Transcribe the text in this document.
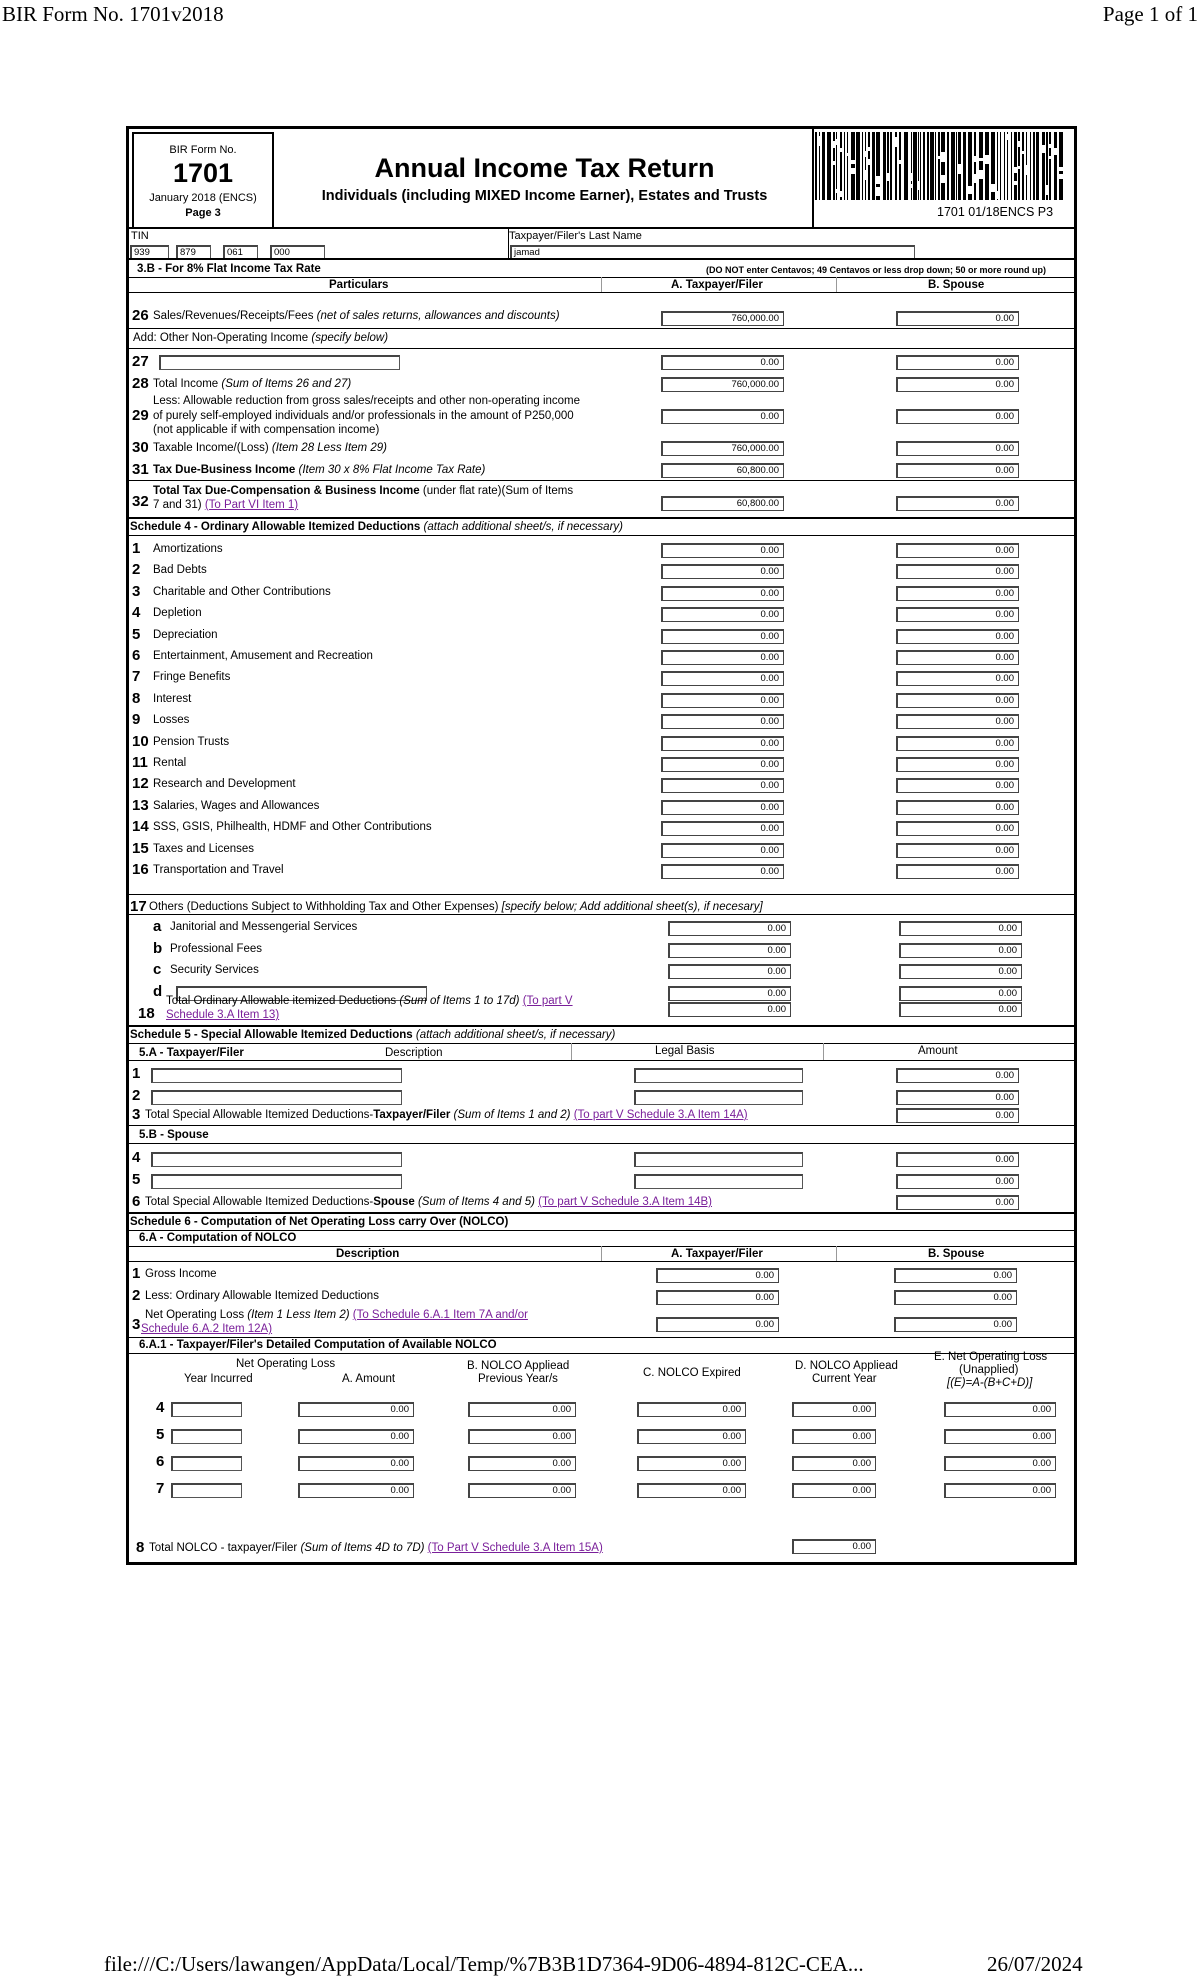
BIR Form No. 1701v2018	Page 1 of 1
file:///C:/Users/lawangen/AppData/Local/Temp/%7B3B1D7364-9D06-4894-812C-CEA...	26/07/2024
BIR Form No.
1701
January 2018 (ENCS)
Page 3
Annual Income Tax Return
Individuals (including MIXED Income Earner), Estates and Trusts
1701 01/18ENCS P3
TIN	Taxpayer/Filer's Last Name
939	879	061	000	jamad
3.B - For 8% Flat Income Tax Rate	(DO NOT enter Centavos; 49 Centavos or less drop down; 50 or more round up)
Particulars	A. Taxpayer/Filer	B. Spouse
26 Sales/Revenues/Receipts/Fees (net of sales returns, allowances and discounts)	760,000.00	0.00
Add: Other Non-Operating Income (specify below)
27	0.00	0.00
28 Total Income (Sum of Items 26 and 27)	760,000.00	0.00
Less: Allowable reduction from gross sales/receipts and other non-operating income
29 of purely self-employed individuals and/or professionals in the amount of P250,000
(not applicable if with compensation income)
0.00	0.00
30 Taxable Income/(Loss) (Item 28 Less Item 29)	760,000.00	0.00
31 Tax Due-Business Income (Item 30 x 8% Flat Income Tax Rate)	60,800.00	0.00
Total Tax Due-Compensation & Business Income (under flat rate)(Sum of Items
32 7 and 31) (To Part VI Item 1)	60,800.00	0.00
Schedule 4 - Ordinary Allowable Itemized Deductions (attach additional sheet/s, if necessary)
1 Amortizations	0.00	0.00
2 Bad Debts	0.00	0.00
3 Charitable and Other Contributions	0.00	0.00
4 Depletion	0.00	0.00
5 Depreciation	0.00	0.00
6 Entertainment, Amusement and Recreation	0.00	0.00
7 Fringe Benefits	0.00	0.00
8 Interest	0.00	0.00
9 Losses	0.00	0.00
10 Pension Trusts	0.00	0.00
11 Rental	0.00	0.00
12 Research and Development	0.00	0.00
13 Salaries, Wages and Allowances	0.00	0.00
14 SSS, GSIS, Philhealth, HDMF and Other Contributions	0.00	0.00
15 Taxes and Licenses	0.00	0.00
16 Transportation and Travel	0.00	0.00
17 Others (Deductions Subject to Withholding Tax and Other Expenses) [specify below; Add additional sheet(s), if necesary]
a Janitorial and Messengerial Services	0.00	0.00
b Professional Fees	0.00	0.00
c Security Services	0.00	0.00
d	0.00	0.00
18
Total Ordinary Allowable itemized Deductions (Sum of Items 1 to 17d) (To part V
Schedule 3.A Item 13)	0.00	0.00
Schedule 5 - Special Allowable Itemized Deductions (attach additional sheet/s, if necessary)
5.A - Taxpayer/Filer	Description	Legal Basis	Amount
1	0.00
2	0.00
3 Total Special Allowable Itemized Deductions-Taxpayer/Filer (Sum of Items 1 and 2) (To part V Schedule 3.A Item 14A)	0.00
5.B - Spouse
4	0.00
5	0.00
6 Total Special Allowable Itemized Deductions-Spouse (Sum of Items 4 and 5) (To part V Schedule 3.A Item 14B)	0.00
Schedule 6 - Computation of Net Operating Loss carry Over (NOLCO)
6.A - Computation of NOLCO
Description	A. Taxpayer/Filer	B. Spouse
1 Gross Income	0.00	0.00
2 Less: Ordinary Allowable Itemized Deductions	0.00	0.00
Net Operating Loss (Item 1 Less Item 2) (To Schedule 6.A.1 Item 7A and/or
3 Schedule 6.A.2 Item 12A)	0.00	0.00
6.A.1 - Taxpayer/Filer's Detailed Computation of Available NOLCO
Net Operating Loss
Year Incurred	A. Amount
B. NOLCO Appliead
Previous Year/s	C. NOLCO Expired
D. NOLCO Appliead
Current Year
E. Net Operating Loss
(Unapplied)
[(E)=A-(B+C+D)]
4	0.00	0.00	0.00	0.00	0.00
5	0.00	0.00	0.00	0.00	0.00
6	0.00	0.00	0.00	0.00	0.00
7	0.00	0.00	0.00	0.00	0.00
8 Total NOLCO - taxpayer/Filer (Sum of Items 4D to 7D) (To Part V Schedule 3.A Item 15A)	0.00
